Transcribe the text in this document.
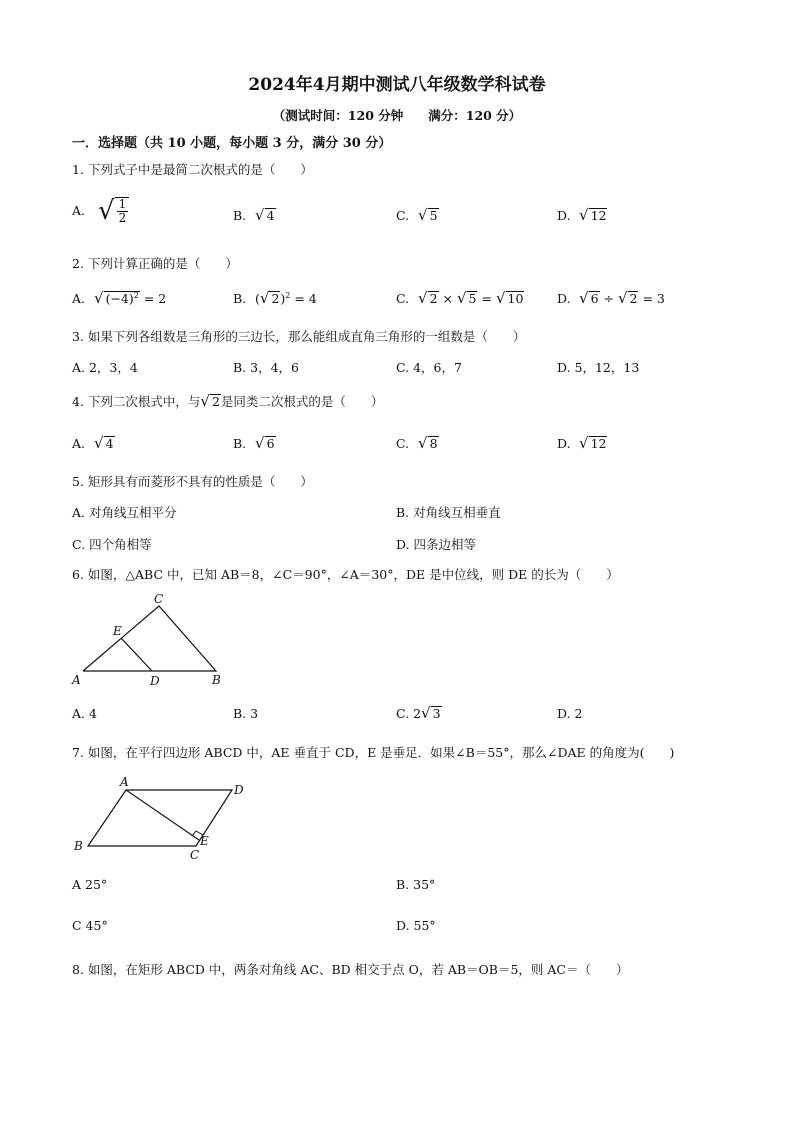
2024年4月期中测试八年级数学科试卷
（测试时间：120 分钟　　满分：120 分）
一．选择题（共 10 小题，每小题 3 分，满分 30 分）
1. 下列式子中是最简二次根式的是（　　）
A. √ $\frac{1}{2}$	B. √ 4	C. √ 5	D. √ 12
2. 下列计算正确的是（　　）
A. √ $(-4)^2 = 2$	B. (√ 2)$^2$ = 4	C. √ 2 × √ 5 = √ 10	D. √ 6 ÷ √ 2 = 3
3. 如果下列各组数是三角形的三边长，那么能组成直角三角形的一组数是（　　）
A. 2，3，4	B. 3，4，6	C. 4，6，7	D. 5，12，13
4. 下列二次根式中，与√ 2是同类二次根式的是（　　）
A. √ 4	B. √ 6	C. √ 8	D. √ 12
5. 矩形具有而菱形不具有的性质是（　　）
A. 对角线互相平分	B. 对角线互相垂直
C. 四个角相等	D. 四条边相等
6. 如图，△ABC 中，已知 AB＝8，∠C＝90°，∠A＝30°，DE 是中位线，则 DE 的长为（　　）
A	B
C
D
E
A. 4	B. 3	C. 2√ 3	D. 2
7. 如图，在平行四边形 ABCD 中，AE 垂直于 CD，E 是垂足．如果∠B＝55°，那么∠DAE 的角度为(　　)
A
D
B
C
E
A 25°	B. 35°
C 45°	D. 55°
8. 如图，在矩形 ABCD 中，两条对角线 AC、BD 相交于点 O，若 AB＝OB＝5，则 AC＝（　　）
